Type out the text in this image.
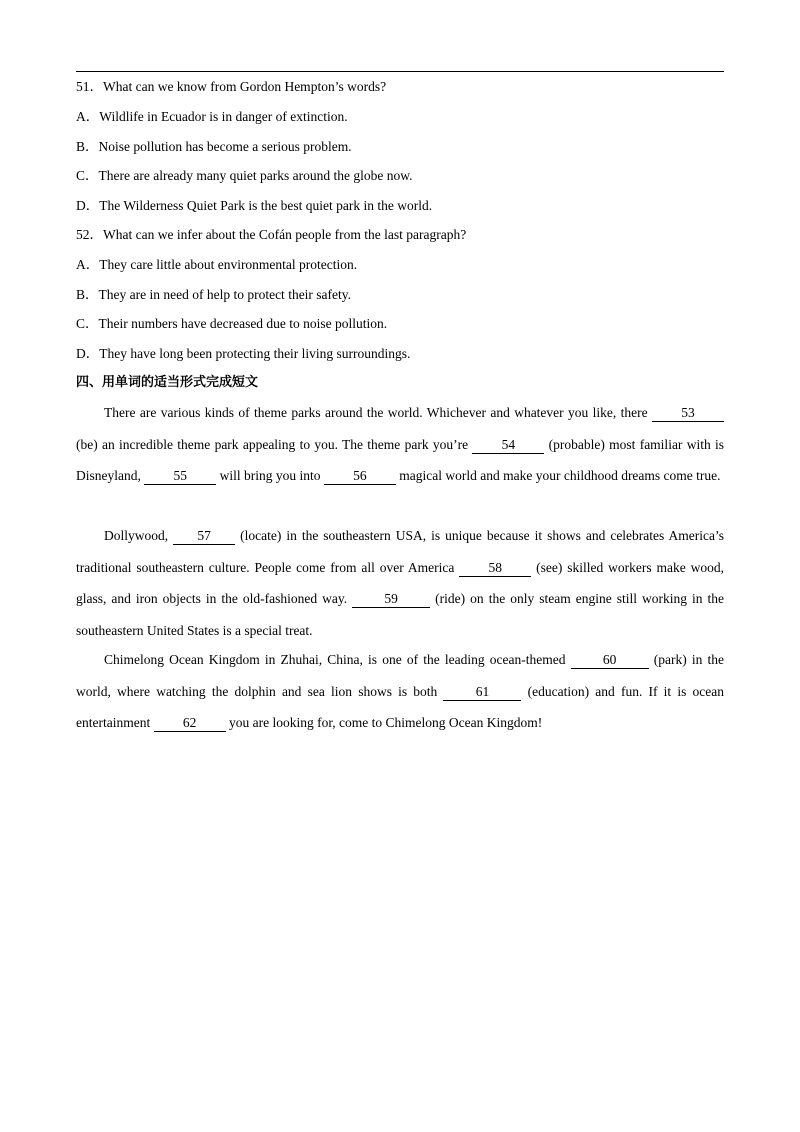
51．What can we know from Gordon Hempton’s words?
A．Wildlife in Ecuador is in danger of extinction.
B．Noise pollution has become a serious problem.
C．There are already many quiet parks around the globe now.
D．The Wilderness Quiet Park is the best quiet park in the world.
52．What can we infer about the Cofán people from the last paragraph?
A．They care little about environmental protection.
B．They are in need of help to protect their safety.
C．Their numbers have decreased due to noise pollution.
D．They have long been protecting their living surroundings.
四、用单词的适当形式完成短文
There are various kinds of theme parks around the world. Whichever and whatever you like, there 53 (be) an incredible theme park appealing to you. The theme park you’re 54 (probable) most familiar with is Disneyland, 55 will bring you into 56 magical world and make your childhood dreams come true.
Dollywood, 57 (locate) in the southeastern USA, is unique because it shows and celebrates America’s traditional southeastern culture. People come from all over America 58 (see) skilled workers make wood, glass, and iron objects in the old-fashioned way. 59 (ride) on the only steam engine still working in the southeastern United States is a special treat.
Chimelong Ocean Kingdom in Zhuhai, China, is one of the leading ocean-themed 60 (park) in the world, where watching the dolphin and sea lion shows is both 61 (education) and fun. If it is ocean entertainment 62 you are looking for, come to Chimelong Ocean Kingdom!
